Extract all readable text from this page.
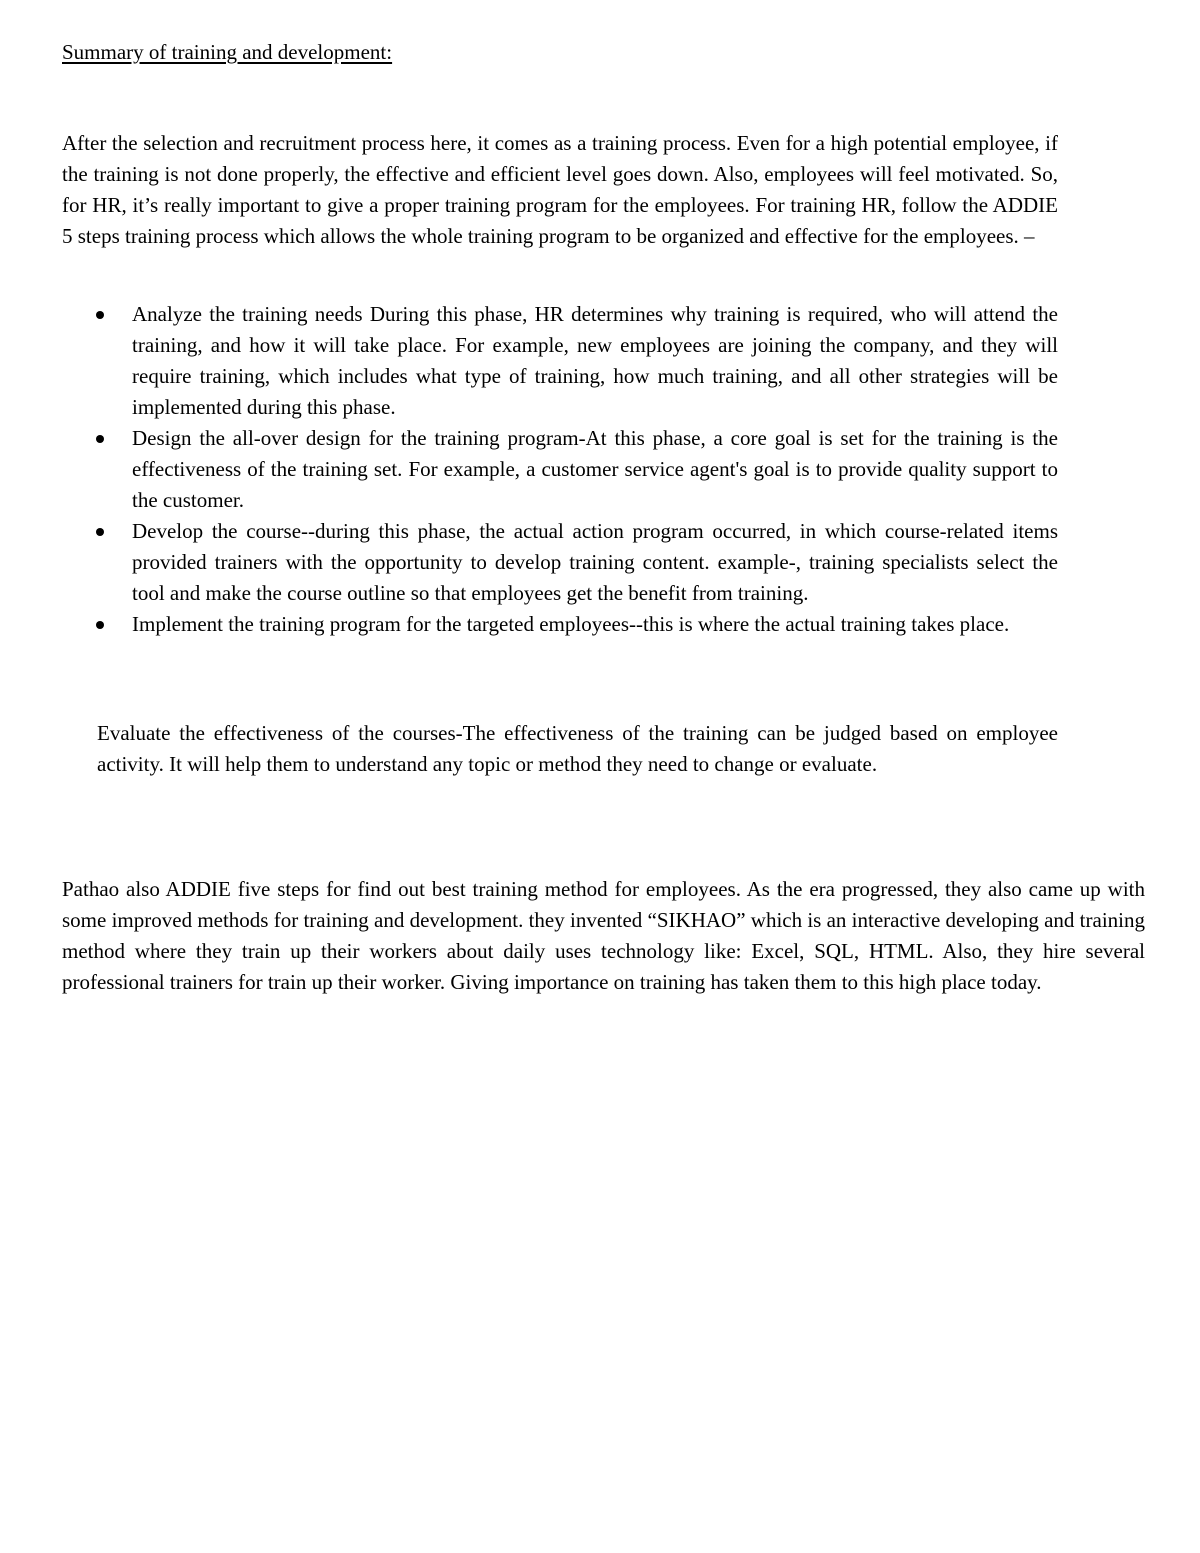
Summary of training and development:

After the selection and recruitment process here, it comes as a training process. Even for a high potential employee, if the training is not done properly, the effective and efficient level goes down. Also, employees will feel motivated. So, for HR, it’s really important to give a proper training program for the employees. For training HR, follow the ADDIE 5 steps training process which allows the whole training program to be organized and effective for the employees. –

Analyze the training needs During this phase, HR determines why training is required, who will attend the training, and how it will take place. For example, new employees are joining the company, and they will require training, which includes what type of training, how much training, and all other strategies will be implemented during this phase.
Design the all-over design for the training program-At this phase, a core goal is set for the training is the effectiveness of the training set. For example, a customer service agent's goal is to provide quality support to the customer.
Develop the course--during this phase, the actual action program occurred, in which course-related items provided trainers with the opportunity to develop training content. example-, training specialists select the tool and make the course outline so that employees get the benefit from training.
Implement the training program for the targeted employees--this is where the actual training takes place.

Evaluate the effectiveness of the courses-The effectiveness of the training can be judged based on employee activity. It will help them to understand any topic or method they need to change or evaluate.

Pathao also ADDIE five steps for find out best training method for employees. As the era progressed, they also came up with some improved methods for training and development. they invented “SIKHAO” which is an interactive developing and training method where they train up their workers about daily uses technology like: Excel, SQL, HTML. Also, they hire several professional trainers for train up their worker. Giving importance on training has taken them to this high place today.
